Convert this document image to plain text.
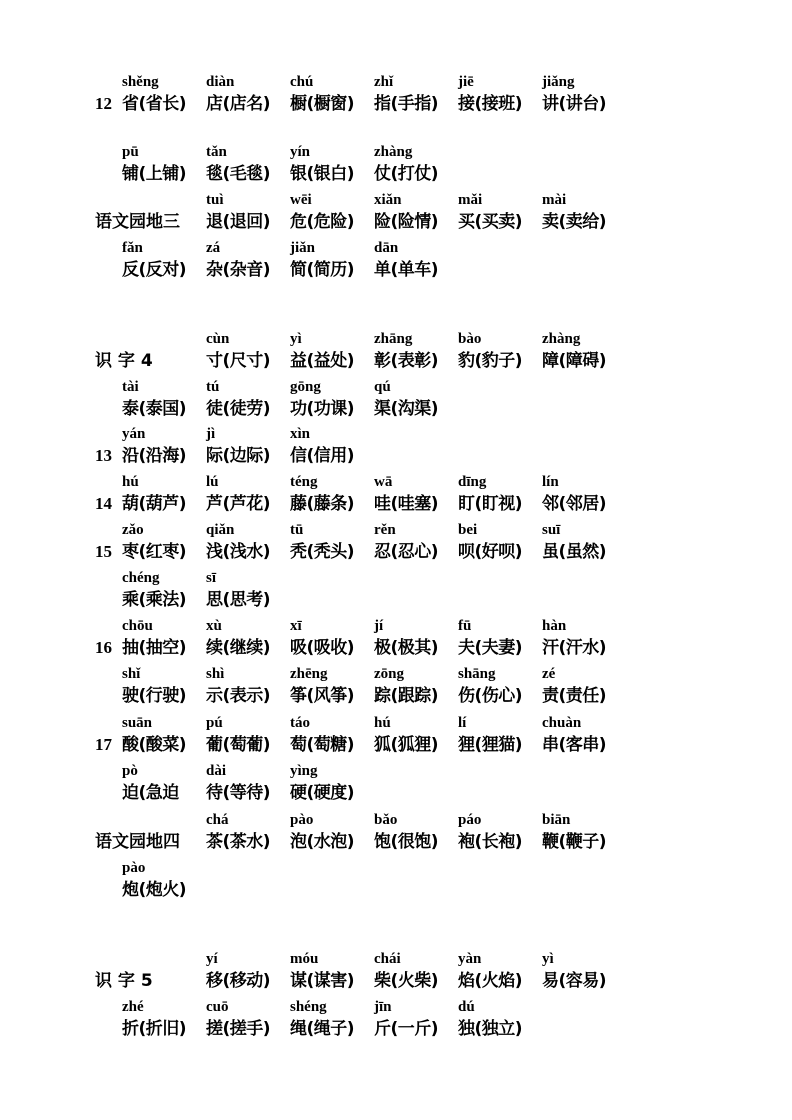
12
shěng
省(省长)
diàn
店(店名)
chú
橱(橱窗)
zhǐ
指(手指)
jiē
接(接班)
jiǎng
讲(讲台)
pū
铺(上铺)
tǎn
毯(毛毯)
yín
银(银白)
zhàng
仗(打仗)
语文园地三
tuì
退(退回)
wēi
危(危险)
xiǎn
险(险情)
mǎi
买(买卖)
mài
卖(卖给)
fǎn
反(反对)
zá
杂(杂音)
jiǎn
简(简历)
dān
单(单车)
识 字 4
cùn
寸(尺寸)
yì
益(益处)
zhāng
彰(表彰)
bào
豹(豹子)
zhàng
障(障碍)
tài
泰(泰国)
tú
徒(徒劳)
gōng
功(功课)
qú
渠(沟渠)
13
yán
沿(沿海)
jì
际(边际)
xìn
信(信用)
14
hú
葫(葫芦)
lú
芦(芦花)
téng
藤(藤条)
wā
哇(哇塞)
dīng
盯(盯视)
lín
邻(邻居)
15
zǎo
枣(红枣)
qiǎn
浅(浅水)
tū
秃(秃头)
rěn
忍(忍心)
bei
呗(好呗)
suī
虽(虽然)
chéng
乘(乘法)
sī
思(思考)
16
chōu
抽(抽空)
xù
续(继续)
xī
吸(吸收)
jí
极(极其)
fū
夫(夫妻)
hàn
汗(汗水)
shǐ
驶(行驶)
shì
示(表示)
zhēng
筝(风筝)
zōng
踪(跟踪)
shāng
伤(伤心)
zé
责(责任)
17
suān
酸(酸菜)
pú
葡(萄葡)
táo
萄(萄糖)
hú
狐(狐狸)
lí
狸(狸猫)
chuàn
串(客串)
pò
迫(急迫
dài
待(等待)
yìng
硬(硬度)
语文园地四
chá
茶(茶水)
pào
泡(水泡)
bǎo
饱(很饱)
páo
袍(长袍)
biān
鞭(鞭子)
pào
炮(炮火)
识 字 5
yí
移(移动)
móu
谋(谋害)
chái
柴(火柴)
yàn
焰(火焰)
yì
易(容易)
zhé
折(折旧)
cuō
搓(搓手)
shéng
绳(绳子)
jīn
斤(一斤)
dú
独(独立)
